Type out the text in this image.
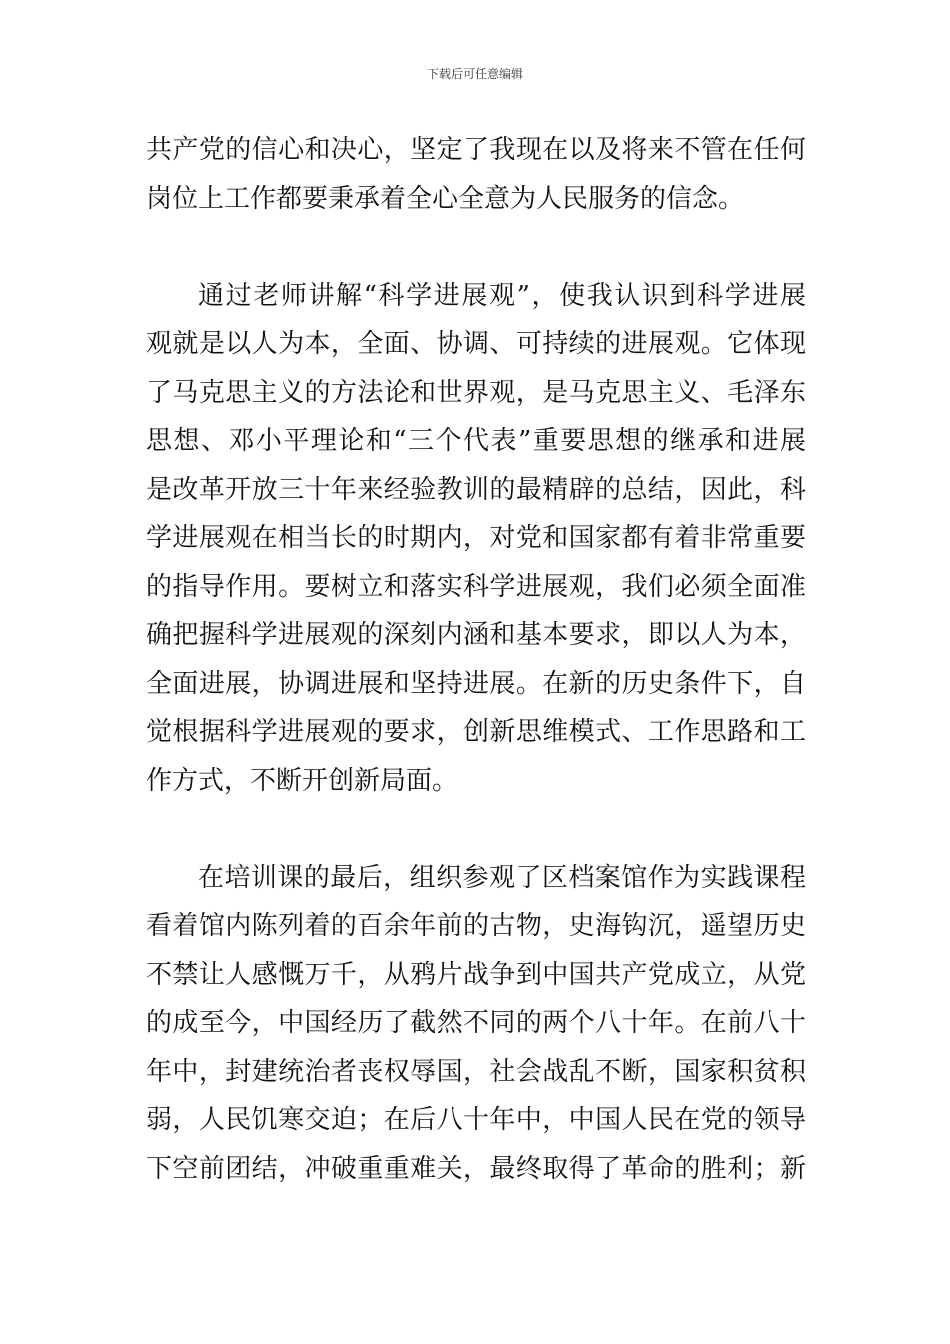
下载后可任意编辑
共产党的信心和决心，坚定了我现在以及将来不管在任何
岗位上工作都要秉承着全心全意为人民服务的信念。
通过老师讲解“科学进展观”，使我认识到科学进展
观就是以人为本，全面、协调、可持续的进展观。它体现
了马克思主义的方法论和世界观，是马克思主义、毛泽东
思想、邓小平理论和“三个代表”重要思想的继承和进展
是改革开放三十年来经验教训的最精辟的总结，因此，科
学进展观在相当长的时期内，对党和国家都有着非常重要
的指导作用。要树立和落实科学进展观，我们必须全面准
确把握科学进展观的深刻内涵和基本要求，即以人为本，
全面进展，协调进展和坚持进展。在新的历史条件下，自
觉根据科学进展观的要求，创新思维模式、工作思路和工
作方式，不断开创新局面。
在培训课的最后，组织参观了区档案馆作为实践课程
看着馆内陈列着的百余年前的古物，史海钩沉，遥望历史
不禁让人感慨万千，从鸦片战争到中国共产党成立，从党
的成至今，中国经历了截然不同的两个八十年。在前八十
年中，封建统治者丧权辱国，社会战乱不断，国家积贫积
弱，人民饥寒交迫；在后八十年中，中国人民在党的领导
下空前团结，冲破重重难关，最终取得了革命的胜利；新
